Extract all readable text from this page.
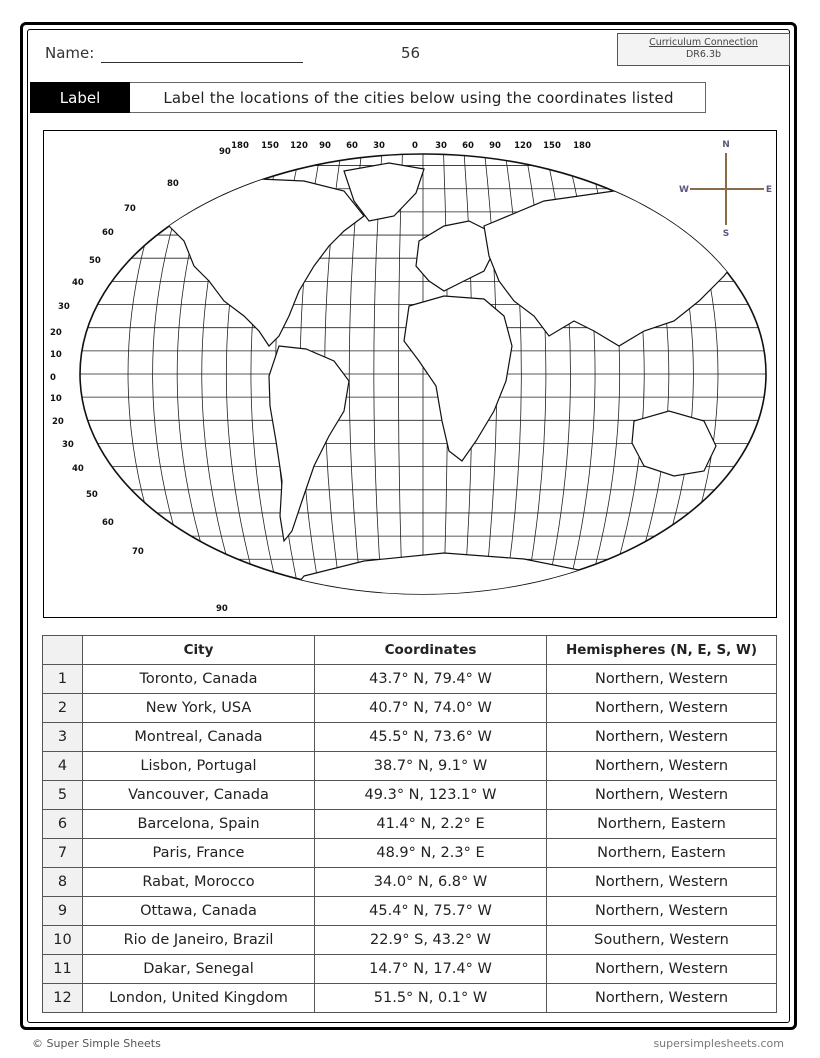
Name:	56
Curriculum Connection
DR6.3b
Label	Label the locations of the cities below using the coordinates listed
180 150 120 90 60 30	0 30 60 90 120 150 180
90
80
70
60
50
40
30
20
10
0
10
20
30
40
50
60
70
90
N
S
W	E
	City	Coordinates	Hemispheres (N, E, S, W)
1	Toronto, Canada	43.7° N, 79.4° W	Northern, Western
2	New York, USA	40.7° N, 74.0° W	Northern, Western
3	Montreal, Canada	45.5° N, 73.6° W	Northern, Western
4	Lisbon, Portugal	38.7° N, 9.1° W	Northern, Western
5	Vancouver, Canada	49.3° N, 123.1° W	Northern, Western
6	Barcelona, Spain	41.4° N, 2.2° E	Northern, Eastern
7	Paris, France	48.9° N, 2.3° E	Northern, Eastern
8	Rabat, Morocco	34.0° N, 6.8° W	Northern, Western
9	Ottawa, Canada	45.4° N, 75.7° W	Northern, Western
10	Rio de Janeiro, Brazil	22.9° S, 43.2° W	Southern, Western
11	Dakar, Senegal	14.7° N, 17.4° W	Northern, Western
12	London, United Kingdom	51.5° N, 0.1° W	Northern, Western
© Super Simple Sheets	supersimplesheets.com
